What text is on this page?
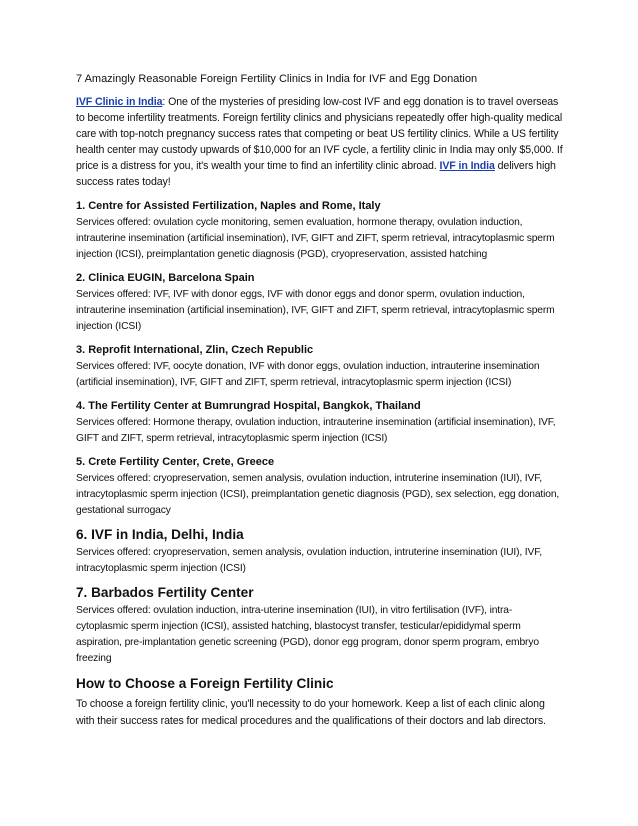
7 Amazingly Reasonable Foreign Fertility Clinics in India for IVF and Egg Donation

IVF Clinic in India: One of the mysteries of presiding low-cost IVF and egg donation is to travel overseas to become infertility treatments. Foreign fertility clinics and physicians repeatedly offer high-quality medical care with top-notch pregnancy success rates that competing or beat US fertility clinics. While a US fertility health center may custody upwards of $10,000 for an IVF cycle, a fertility clinic in India may only $5,000. If price is a distress for you, it's wealth your time to find an infertility clinic abroad. IVF in India delivers high success rates today!

1. Centre for Assisted Fertilization, Naples and Rome, Italy

Services offered: ovulation cycle monitoring, semen evaluation, hormone therapy, ovulation induction, intrauterine insemination (artificial insemination), IVF, GIFT and ZIFT, sperm retrieval, intracytoplasmic sperm injection (ICSI), preimplantation genetic diagnosis (PGD), cryopreservation, assisted hatching

2. Clinica EUGIN, Barcelona Spain

Services offered: IVF, IVF with donor eggs, IVF with donor eggs and donor sperm, ovulation induction, intrauterine insemination (artificial insemination), IVF, GIFT and ZIFT, sperm retrieval, intracytoplasmic sperm injection (ICSI)

3. Reprofit International, Zlin, Czech Republic

Services offered: IVF, oocyte donation, IVF with donor eggs, ovulation induction, intrauterine insemination (artificial insemination), IVF, GIFT and ZIFT, sperm retrieval, intracytoplasmic sperm injection (ICSI)

4. The Fertility Center at Bumrungrad Hospital, Bangkok, Thailand

Services offered: Hormone therapy, ovulation induction, intrauterine insemination (artificial insemination), IVF, GIFT and ZIFT, sperm retrieval, intracytoplasmic sperm injection (ICSI)

5. Crete Fertility Center, Crete, Greece

Services offered: cryopreservation, semen analysis, ovulation induction, intruterine insemination (IUI), IVF, intracytoplasmic sperm injection (ICSI), preimplantation genetic diagnosis (PGD), sex selection, egg donation, gestational surrogacy

6. IVF in India, Delhi, India

Services offered: cryopreservation, semen analysis, ovulation induction, intruterine insemination (IUI), IVF, intracytoplasmic sperm injection (ICSI)

7. Barbados Fertility Center

Services offered: ovulation induction, intra-uterine insemination (IUI), in vitro fertilisation (IVF), intra-cytoplasmic sperm injection (ICSI), assisted hatching, blastocyst transfer, testicular/epididymal sperm aspiration, pre-implantation genetic screening (PGD), donor egg program, donor sperm program, embryo freezing

How to Choose a Foreign Fertility Clinic

To choose a foreign fertility clinic, you'll necessity to do your homework. Keep a list of each clinic along with their success rates for medical procedures and the qualifications of their doctors and lab directors.
